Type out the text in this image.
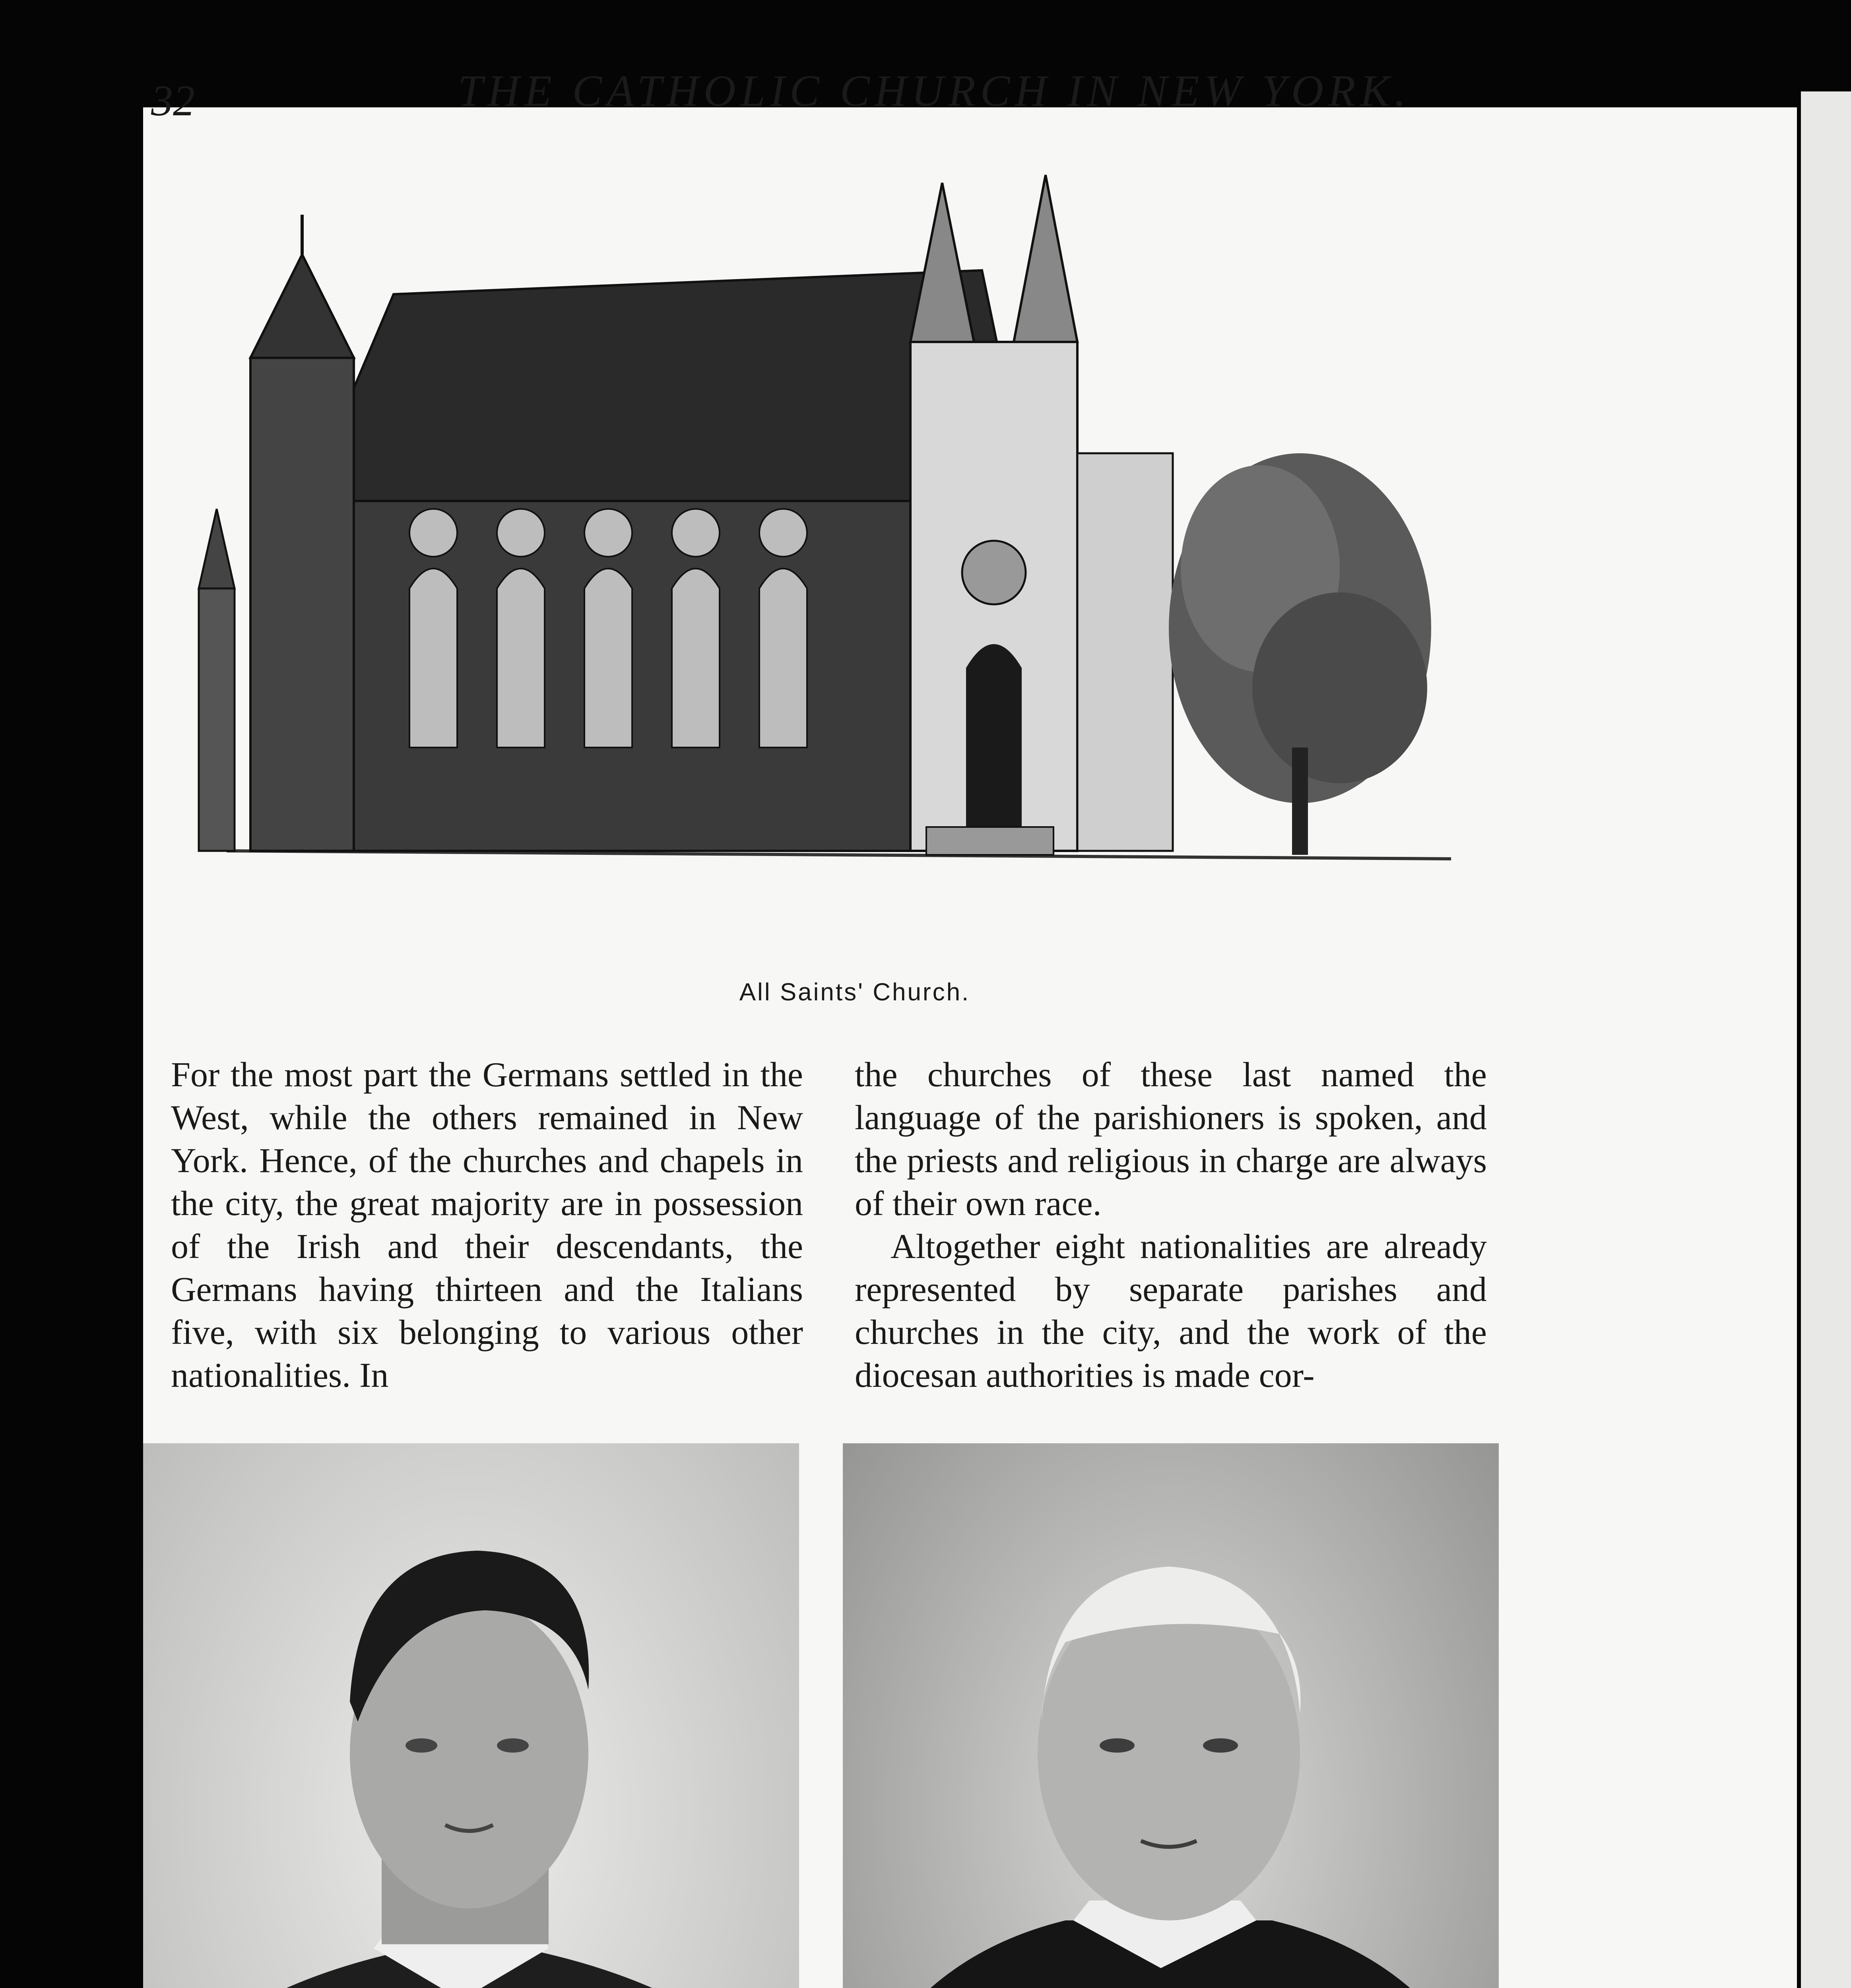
32	THE CATHOLIC CHURCH IN NEW YORK.
All Saints' Church.

For the most part the Germans settled in the West, while the others remained in New York. Hence, of the churches and chapels in the city, the great majority are in possession of the Irish and their descendants, the Germans having thirteen and the Italians five, with six belonging to various other nationalities. In

the churches of these last named the language of the parishioners is spoken, and the priests and religious in charge are always of their own race.

Altogether eight nationalities are already represented by separate parishes and churches in the city, and the work of the diocesan authorities is made cor-
